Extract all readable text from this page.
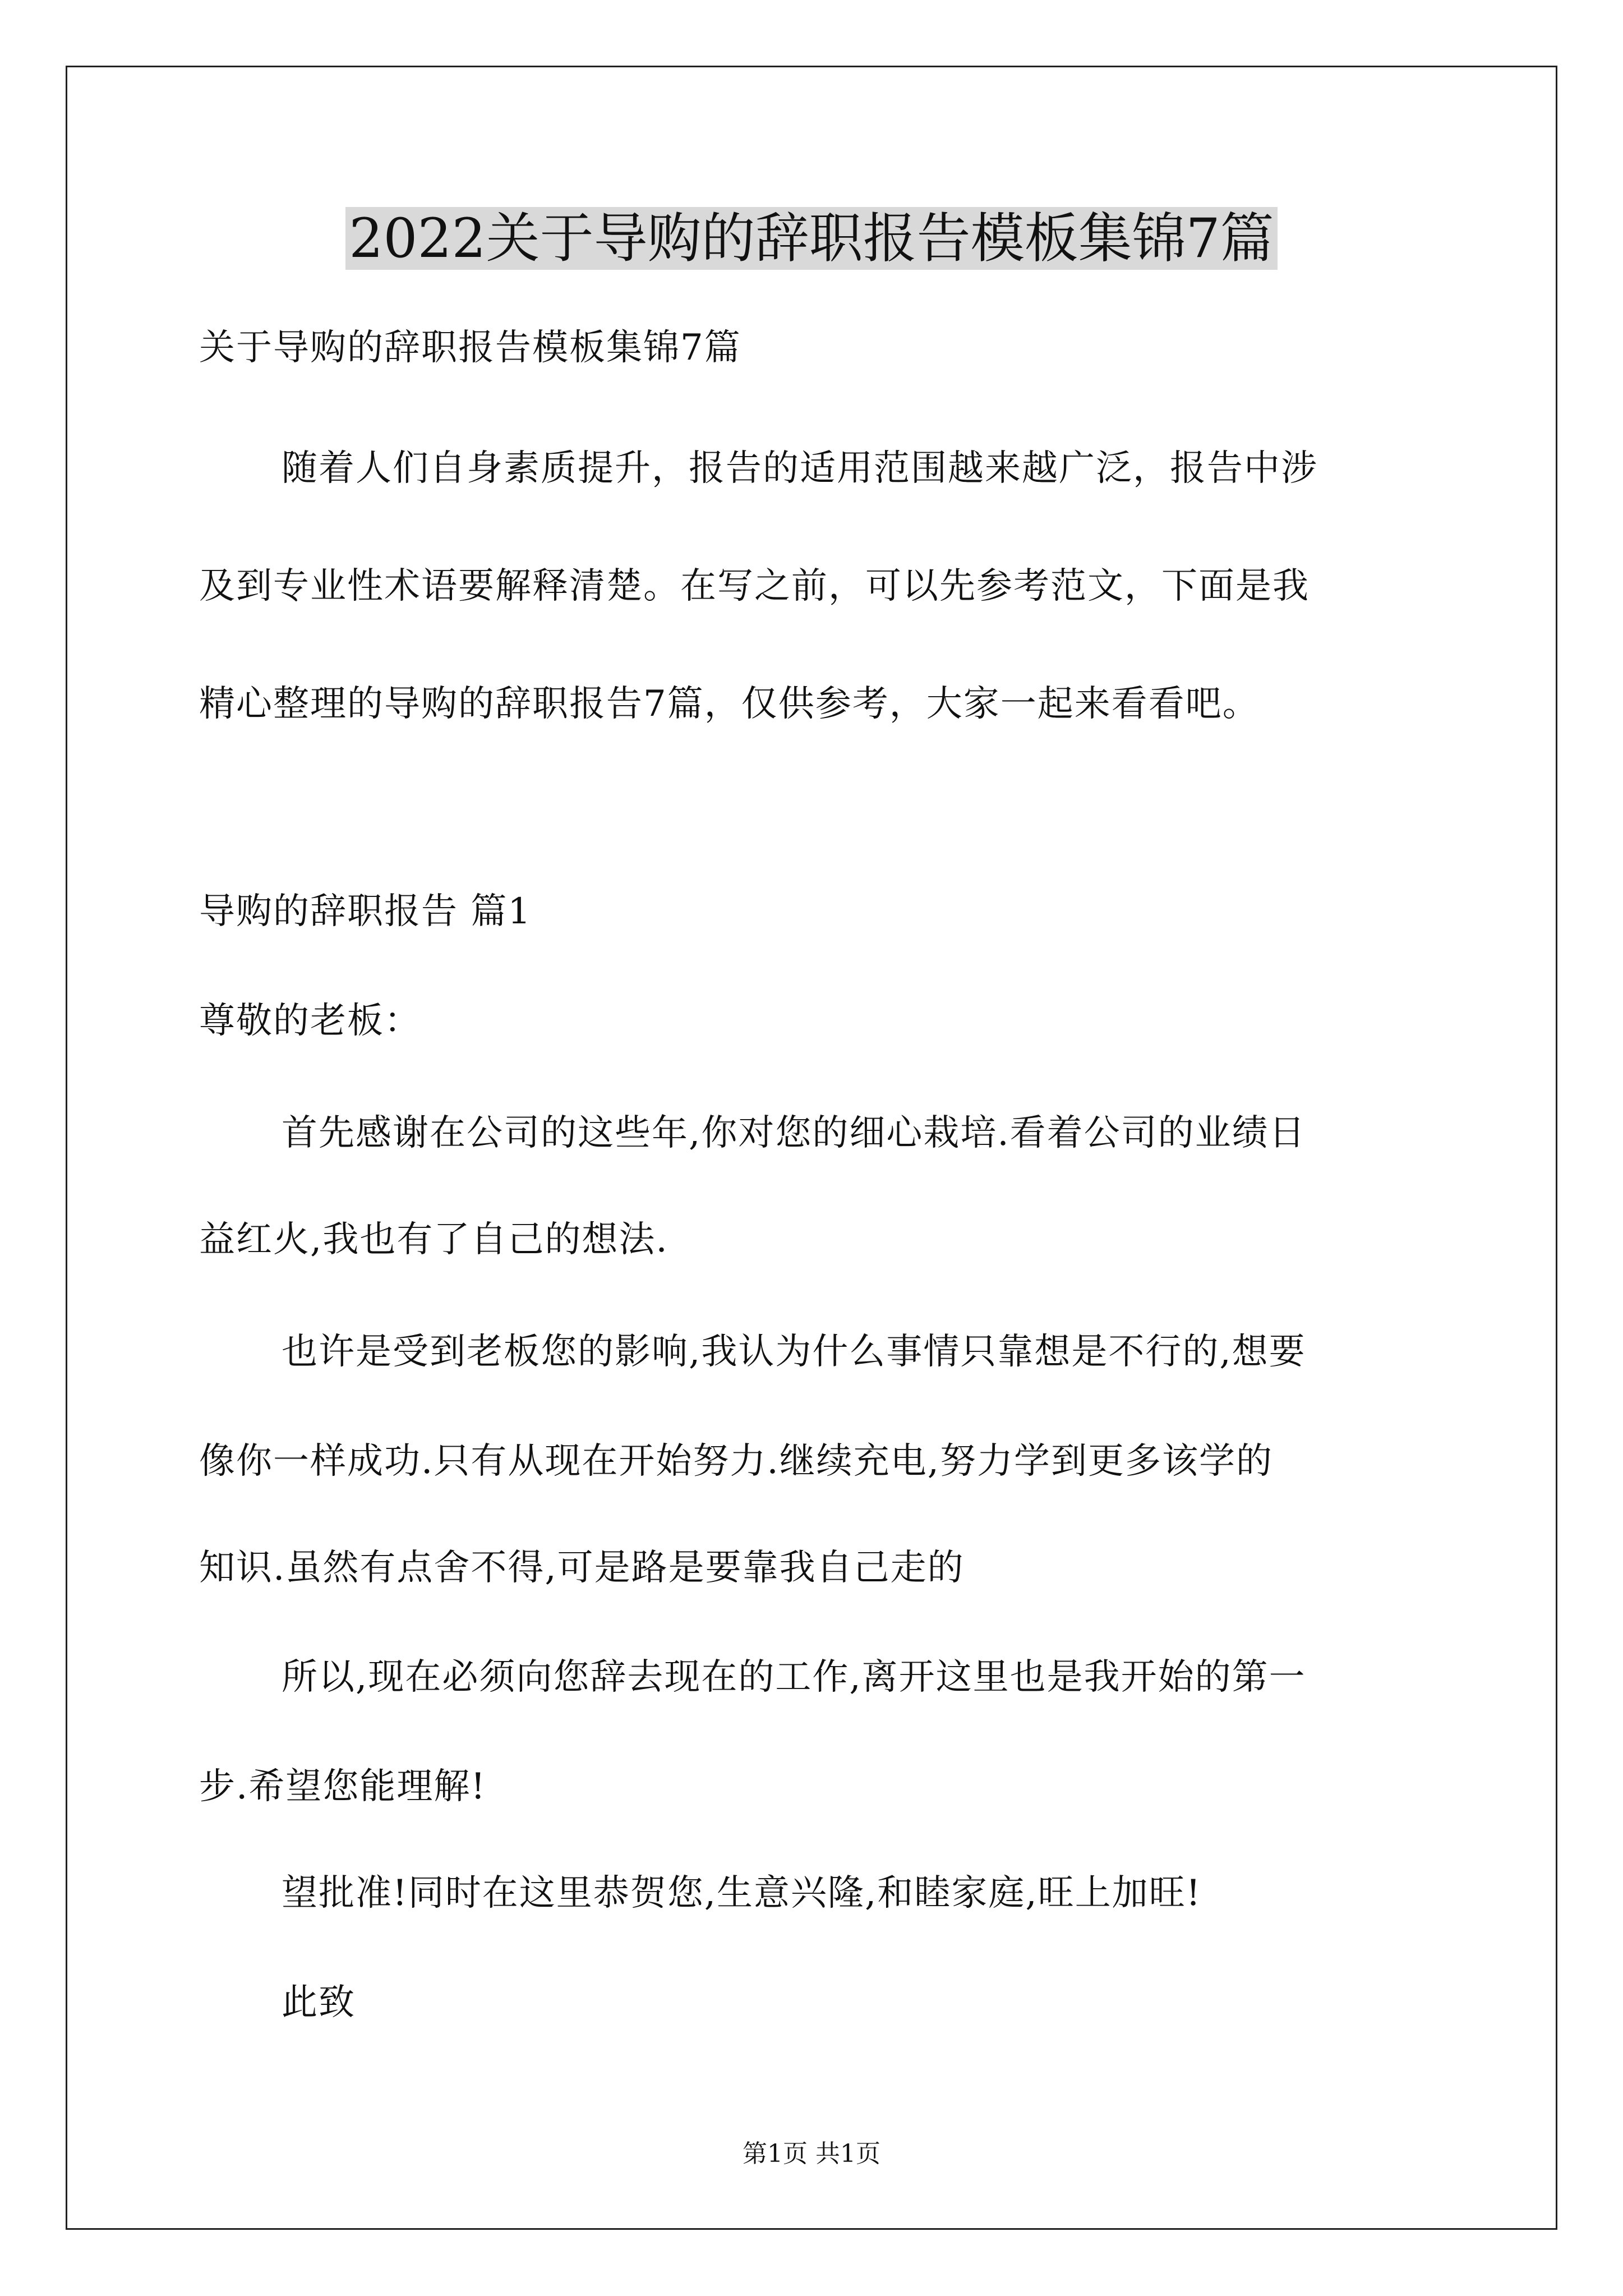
2022关于导购的辞职报告模板集锦7篇
关于导购的辞职报告模板集锦7篇
随着人们自身素质提升，报告的适用范围越来越广泛，报告中涉
及到专业性术语要解释清楚。在写之前，可以先参考范文，下面是我
精心整理的导购的辞职报告7篇，仅供参考，大家一起来看看吧。
导购的辞职报告 篇1
尊敬的老板：
首先感谢在公司的这些年,你对您的细心栽培.看着公司的业绩日
益红火,我也有了自己的想法.
也许是受到老板您的影响,我认为什么事情只靠想是不行的,想要
像你一样成功.只有从现在开始努力.继续充电,努力学到更多该学的
知识.虽然有点舍不得,可是路是要靠我自己走的
所以,现在必须向您辞去现在的工作,离开这里也是我开始的第一
步.希望您能理解!
望批准!同时在这里恭贺您,生意兴隆,和睦家庭,旺上加旺!
此致
第1页 共1页
